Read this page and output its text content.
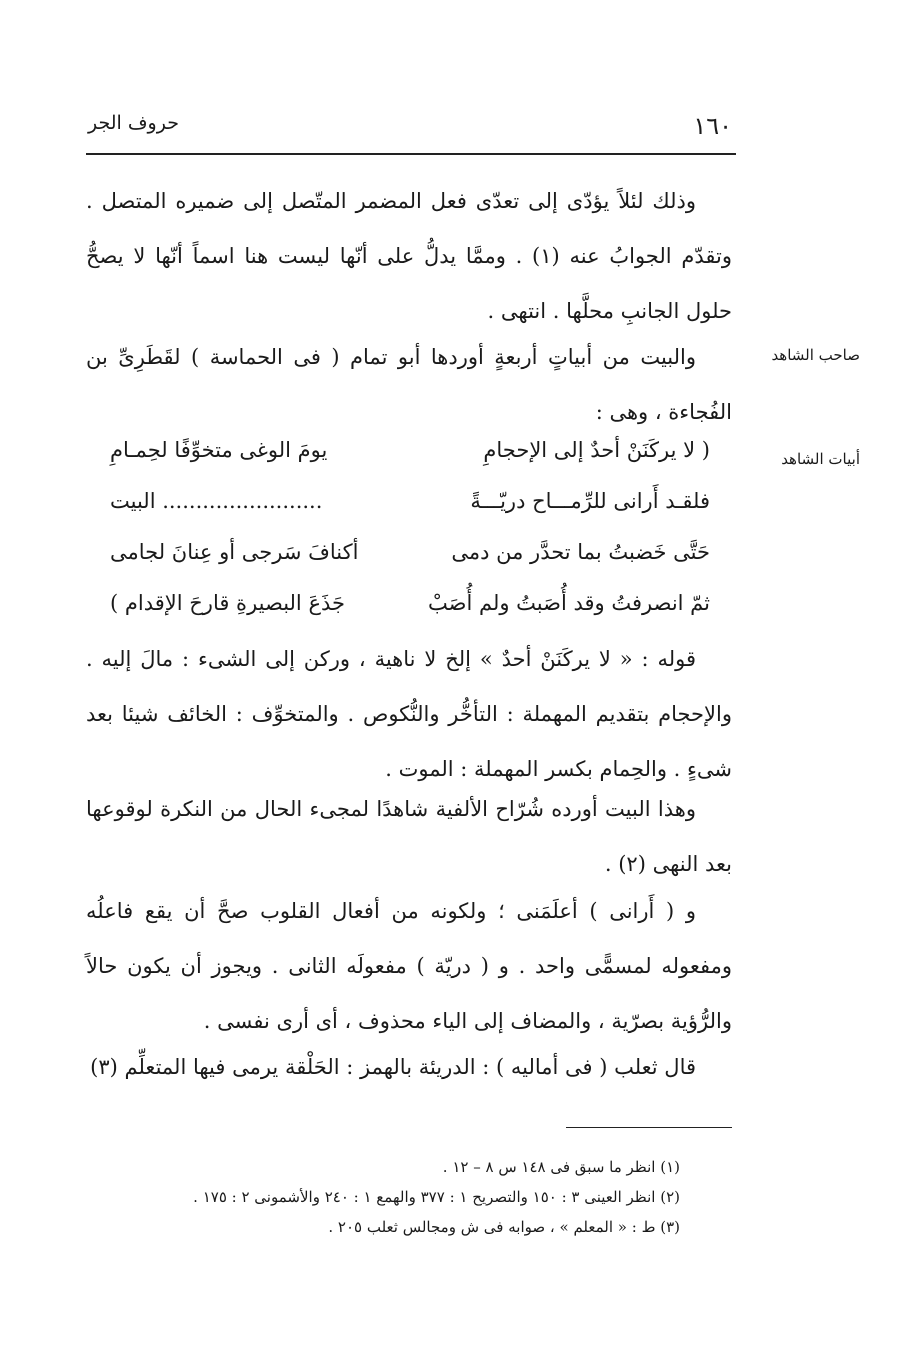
١٦٠
حروف الجر

وذلك لئلاً يؤدّى إلى تعدّى فعل المضمر المتّصل إلى ضميره المتصل . وتقدّم الجوابُ عنه (١) . وممَّا يدلُّ على أنّها ليست هنا اسماً أنّها لا يصحُّ حلول الجانبِ محلَّها . انتهى .

صاحب الشاهد

والبيت من أبياتٍ أربعةٍ أوردها أبو تمام ( فى الحماسة ) لقَطَرِىِّ بن الفُجاءة ، وهى :

أبيات الشاهد
( لا يركَنَنْ أحدٌ إلى الإحجامِ
يومَ الوغى متخوِّفًا لحِمـامِ
فلقـد أَرانى للرِّمـــاح دريّـــةً
........................ البيت
حَتَّى خَضبتُ بما تحدَّر من دمى
أكنافَ سَرجى أو عِنانَ لجامى
ثمّ انصرفتُ وقد أُصَبتُ ولم أُصَبْ
جَذَعَ البصيرةِ قارحَ الإقدام )

قوله : « لا يركَنَنْ أحدٌ » إلخ لا ناهية ، وركن إلى الشىء : مالَ إليه . والإحجام بتقديم المهملة : التأخُّر والنُّكوص . والمتخوِّف : الخائف شيئا بعد شىءٍ . والحِمام بكسر المهملة : الموت .

وهذا البيت أورده شُرّاح الألفية شاهدًا لمجىء الحال من النكرة لوقوعها بعد النهى (٢) .

و ( أَرانى ) أعلَمَنى ؛ ولكونه من أفعال القلوب صحَّ أن يقع فاعلُه ومفعوله لمسمًّى واحد . و ( دريّة ) مفعولَه الثانى . ويجوز أن يكون حالاً والرُّؤية بصرّية ، والمضاف إلى الياء محذوف ، أى أرى نفسى .

قال ثعلب ( فى أماليه ) : الدريئة بالهمز : الحَلْقة يرمى فيها المتعلِّم (٣)

(١) انظر ما سبق فى ١٤٨ س ٨ – ١٢ .
(٢) انظر العينى ٣ : ١٥٠ والتصريح ١ : ٣٧٧ والهمع ١ : ٢٤٠ والأشمونى ٢ : ١٧٥ .
(٣) ط : « المعلم » ، صوابه فى ش ومجالس ثعلب ٢٠٥ .
